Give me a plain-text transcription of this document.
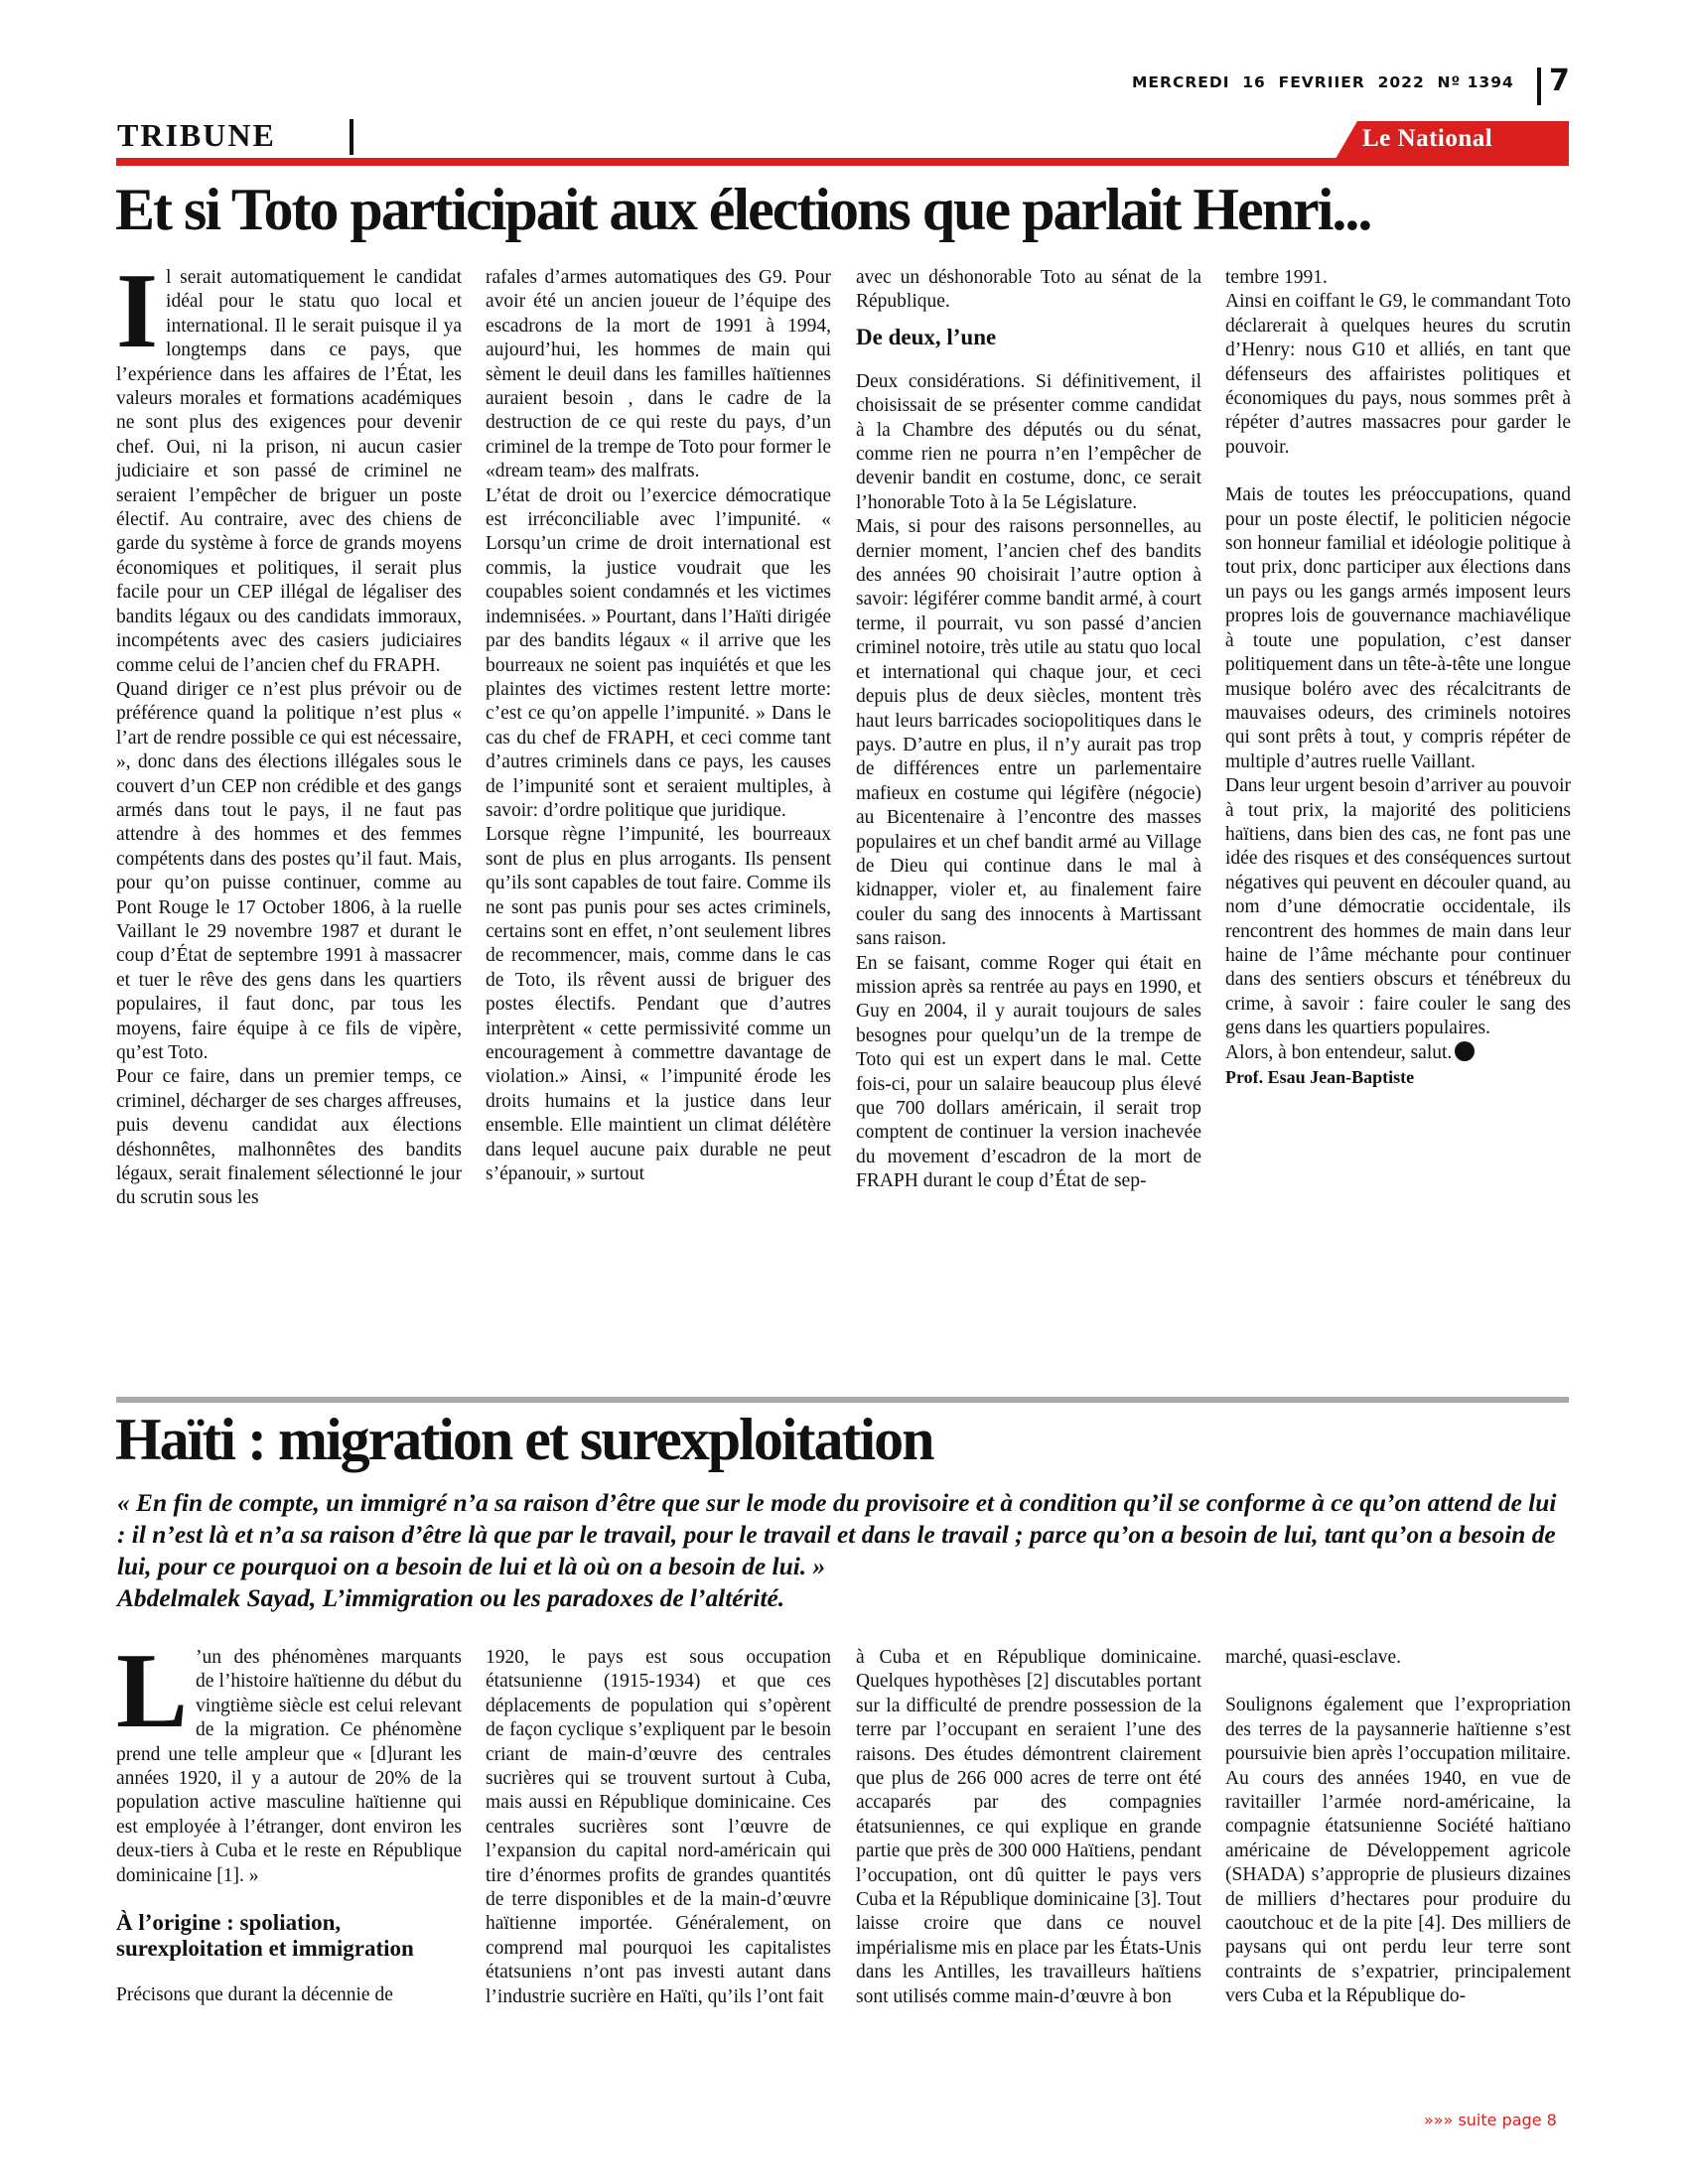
MERCREDI  16  FEVRIIER  2022  Nº 1394 7
TRIBUNE	Le National
Et si Toto participait aux élections que parlait Henri...
I l serait automatiquement le candidat idéal pour le statu quo local et international. Il le serait puisque il ya longtemps dans ce pays, que l’expérience dans les affaires de l’État, les valeurs morales et formations académiques ne sont plus des exigences pour devenir chef. Oui, ni la prison, ni aucun casier judiciaire et son passé de criminel ne seraient l’empêcher de briguer un poste électif. Au contraire, avec des chiens de garde du système à force de grands moyens économiques et politiques, il serait plus facile pour un CEP illégal de légaliser des bandits légaux ou des candidats immoraux, incompétents avec des casiers judiciaires comme celui de l’ancien chef du FRAPH.

Quand diriger ce n’est plus prévoir ou de préférence quand la politique n’est plus « l’art de rendre possible ce qui est nécessaire, », donc dans des élections illégales sous le couvert d’un CEP non crédible et des gangs armés dans tout le pays, il ne faut pas attendre à des hommes et des femmes compétents dans des postes qu’il faut. Mais, pour qu’on puisse continuer, comme au Pont Rouge le 17 October 1806, à la ruelle Vaillant le 29 novembre 1987 et durant le coup d’État de septembre 1991 à massacrer et tuer le rêve des gens dans les quartiers populaires, il faut donc, par tous les moyens, faire équipe à ce fils de vipère, qu’est Toto.

Pour ce faire, dans un premier temps, ce criminel, décharger de ses charges affreuses, puis devenu candidat aux élections déshonnêtes, malhonnêtes des bandits légaux, serait finalement sélectionné le jour du scrutin sous les

rafales d’armes automatiques des G9. Pour avoir été un ancien joueur de l’équipe des escadrons de la mort de 1991 à 1994, aujourd’hui, les hommes de main qui sèment le deuil dans les familles haïtiennes auraient besoin , dans le cadre de la destruction de ce qui reste du pays, d’un criminel de la trempe de Toto pour former le «dream team» des malfrats.

L’état de droit ou l’exercice démocratique est irréconciliable avec l’impunité. « Lorsqu’un crime de droit international est commis, la justice voudrait que les coupables soient condamnés et les victimes indemnisées. » Pourtant, dans l’Haïti dirigée par des bandits légaux « il arrive que les bourreaux ne soient pas inquiétés et que les plaintes des victimes restent lettre morte: c’est ce qu’on appelle l’impunité. » Dans le cas du chef de FRAPH, et ceci comme tant d’autres criminels dans ce pays, les causes de l’impunité sont et seraient multiples, à savoir: d’ordre politique que juridique.

Lorsque règne l’impunité, les bourreaux sont de plus en plus arrogants. Ils pensent qu’ils sont capables de tout faire. Comme ils ne sont pas punis pour ses actes criminels, certains sont en effet, n’ont seulement libres de recommencer, mais, comme dans le cas de Toto, ils rêvent aussi de briguer des postes électifs. Pendant que d’autres interprètent « cette permissivité comme un encouragement à commettre davantage de violation.» Ainsi, « l’impunité érode les droits humains et la justice dans leur ensemble. Elle maintient un climat délétère dans lequel aucune paix durable ne peut s’épanouir, » surtout

avec un déshonorable Toto au sénat de la République.

De deux, l’une

Deux considérations. Si définitivement, il choisissait de se présenter comme candidat à la Chambre des députés ou du sénat, comme rien ne pourra n’en l’empêcher de devenir bandit en costume, donc, ce serait l’honorable Toto à la 5e Législature.

Mais, si pour des raisons personnelles, au dernier moment, l’ancien chef des bandits des années 90 choisirait l’autre option à savoir: légiférer comme bandit armé, à court terme, il pourrait, vu son passé d’ancien criminel notoire, très utile au statu quo local et international qui chaque jour, et ceci depuis plus de deux siècles, montent très haut leurs barricades sociopolitiques dans le pays. D’autre en plus, il n’y aurait pas trop de différences entre un parlementaire mafieux en costume qui légifère (négocie) au Bicentenaire à l’encontre des masses populaires et un chef bandit armé au Village de Dieu qui continue dans le mal à kidnapper, violer et, au finalement faire couler du sang des innocents à Martissant sans raison.

En se faisant, comme Roger qui était en mission après sa rentrée au pays en 1990, et Guy en 2004, il y aurait toujours de sales besognes pour quelqu’un de la trempe de Toto qui est un expert dans le mal. Cette fois-ci, pour un salaire beaucoup plus élevé que 700 dollars américain, il serait trop comptent de continuer la version inachevée du movement d’escadron de la mort de FRAPH durant le coup d’État de sep-

tembre 1991.

Ainsi en coiffant le G9, le commandant Toto déclarerait à quelques heures du scrutin d’Henry: nous G10 et alliés, en tant que défenseurs des affairistes politiques et économiques du pays, nous sommes prêt à répéter d’autres massacres pour garder le pouvoir.

Mais de toutes les préoccupations, quand pour un poste électif, le politicien négocie son honneur familial et idéologie politique à tout prix, donc participer aux élections dans un pays ou les gangs armés imposent leurs propres lois de gouvernance machiavélique à toute une population, c’est danser politiquement dans un tête-à-tête une longue musique boléro avec des récalcitrants de mauvaises odeurs, des criminels notoires qui sont prêts à tout, y compris répéter de multiple d’autres ruelle Vaillant.

Dans leur urgent besoin d’arriver au pouvoir à tout prix, la majorité des politiciens haïtiens, dans bien des cas, ne font pas une idée des risques et des conséquences surtout négatives qui peuvent en découler quand, au nom d’une démocratie occidentale, ils rencontrent des hommes de main dans leur haine de l’âme méchante pour continuer dans des sentiers obscurs et ténébreux du crime, à savoir : faire couler le sang des gens dans les quartiers populaires.

Alors, à bon entendeur, salut.

Prof. Esau Jean-Baptiste

Haïti : migration et surexploitation
« En fin de compte, un immigré n’a sa raison d’être que sur le mode du provisoire et à condition qu’il se conforme à ce qu’on attend de lui : il n’est là et n’a sa raison d’être là que par le travail, pour le travail et dans le travail ; parce qu’on a besoin de lui, tant qu’on a besoin de lui, pour ce pourquoi on a besoin de lui et là où on a besoin de lui. »
Abdelmalek Sayad, L’immigration ou les paradoxes de l’altérité.
L ’un des phénomènes marquants de l’histoire haïtienne du début du vingtième siècle est celui relevant de la migration. Ce phénomène prend une telle ampleur que « [d]urant les années 1920, il y a autour de 20% de la population active masculine haïtienne qui est employée à l’étranger, dont environ les deux-tiers à Cuba et le reste en République dominicaine [1]. »

À l’origine : spoliation, surexploitation et immigration

Précisons que durant la décennie de

1920, le pays est sous occupation étatsunienne (1915-1934) et que ces déplacements de population qui s’opèrent de façon cyclique s’expliquent par le besoin criant de main-d’œuvre des centrales sucrières qui se trouvent surtout à Cuba, mais aussi en République dominicaine. Ces centrales sucrières sont l’œuvre de l’expansion du capital nord-américain qui tire d’énormes profits de grandes quantités de terre disponibles et de la main-d’œuvre haïtienne importée. Généralement, on comprend mal pourquoi les capitalistes étatsuniens n’ont pas investi autant dans l’industrie sucrière en Haïti, qu’ils l’ont fait

à Cuba et en République dominicaine. Quelques hypothèses [2] discutables portant sur la difficulté de prendre possession de la terre par l’occupant en seraient l’une des raisons. Des études démontrent clairement que plus de 266 000 acres de terre ont été accaparés par des compagnies étatsuniennes, ce qui explique en grande partie que près de 300 000 Haïtiens, pendant l’occupation, ont dû quitter le pays vers Cuba et la République dominicaine [3]. Tout laisse croire que dans ce nouvel impérialisme mis en place par les États-Unis dans les Antilles, les travailleurs haïtiens sont utilisés comme main-d’œuvre à bon

marché, quasi-esclave.

Soulignons également que l’expropriation des terres de la paysannerie haïtienne s’est poursuivie bien après l’occupation militaire. Au cours des années 1940, en vue de ravitailler l’armée nord-américaine, la compagnie étatsunienne Société haïtiano américaine de Développement agricole (SHADA) s’approprie de plusieurs dizaines de milliers d’hectares pour produire du caoutchouc et de la pite [4]. Des milliers de paysans qui ont perdu leur terre sont contraints de s’expatrier, principalement vers Cuba et la République do-

»»» suite page 8
